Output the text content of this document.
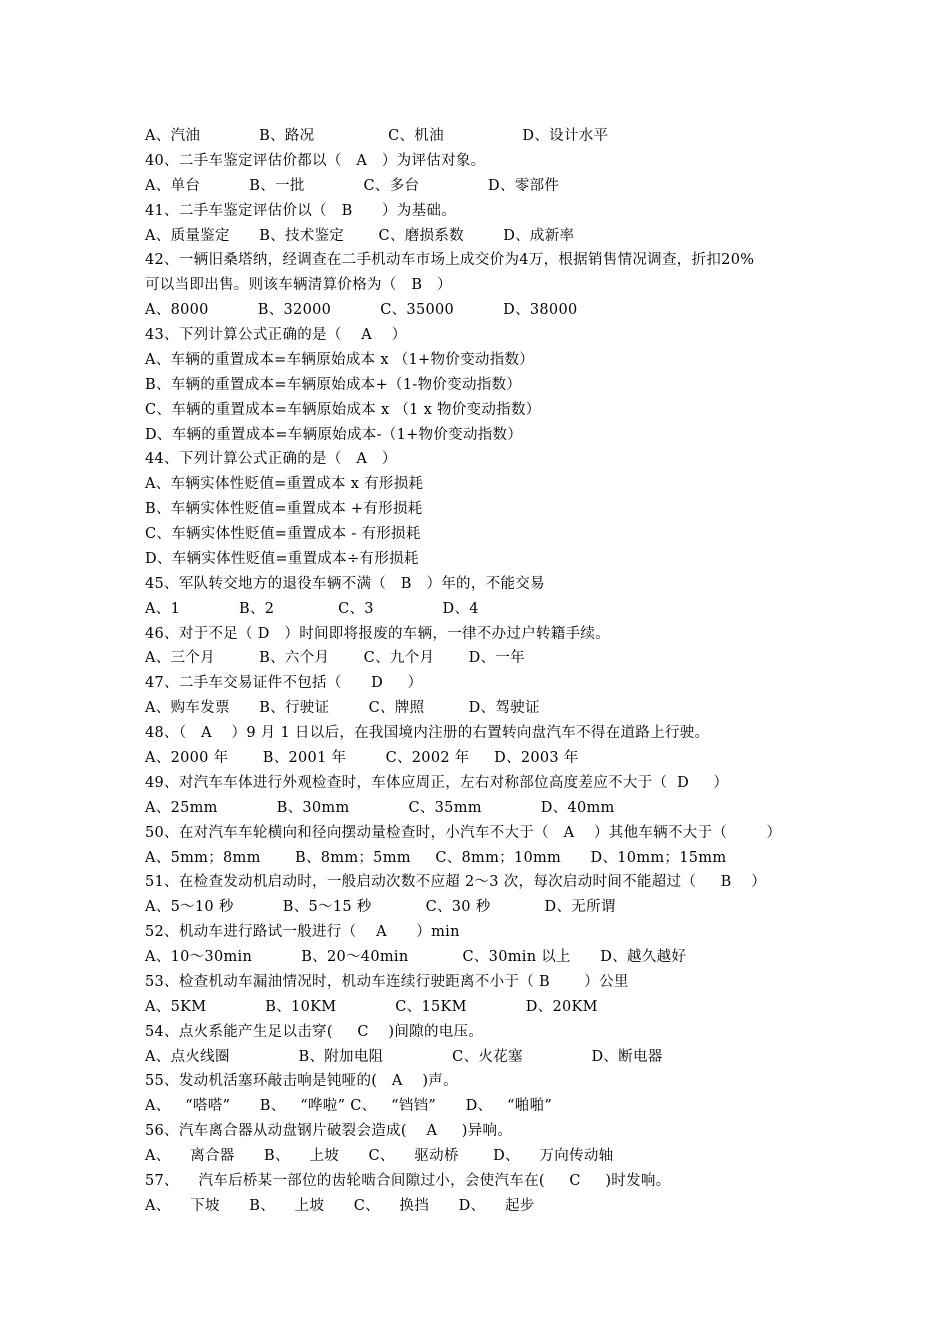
A、汽油            B、路况               C、机油                D、设计水平
40、二手车鉴定评估价都以（   A   ）为评估对象。
A、单台          B、一批            C、多台              D、零部件
41、二手车鉴定评估价以（   B      ）为基础。
A、质量鉴定      B、技术鉴定       C、磨损系数        D、成新率
42、一辆旧桑塔纳，经调查在二手机动车市场上成交价为4万，根据销售情况调查，折扣20%
可以当即出售。则该车辆清算价格为（   B   ）
A、8000          B、32000          C、35000          D、38000
43、下列计算公式正确的是（    A    ）
A、车辆的重置成本=车辆原始成本 x （1+物价变动指数）
B、车辆的重置成本=车辆原始成本+（1-物价变动指数）
C、车辆的重置成本=车辆原始成本 x （1 x 物价变动指数）
D、车辆的重置成本=车辆原始成本-（1+物价变动指数）
44、下列计算公式正确的是（   A   ）
A、车辆实体性贬值=重置成本 x 有形损耗
B、车辆实体性贬值=重置成本 +有形损耗
C、车辆实体性贬值=重置成本 - 有形损耗
D、车辆实体性贬值=重置成本÷有形损耗
45、军队转交地方的退役车辆不满（   B   ）年的，不能交易
A、1            B、2             C、3              D、4
46、对于不足（ D   ）时间即将报废的车辆，一律不办过户转籍手续。
A、三个月         B、六个月       C、九个月       D、一年
47、二手车交易证件不包括（      D     ）
A、购车发票      B、行驶证        C、牌照         D、驾驶证
48、（   A    ）9 月 1 日以后，在我国境内注册的右置转向盘汽车不得在道路上行驶。
A、2000 年       B、2001 年        C、2002 年     D、2003 年
49、对汽车车体进行外观检查时，车体应周正，左右对称部位高度差应不大于（  D     ）
A、25mm            B、30mm            C、35mm            D、40mm
50、在对汽车车轮横向和径向摆动量检查时，小汽车不大于（   A    ）其他车辆不大于（        ）
A、5mm；8mm       B、8mm；5mm     C、8mm；10mm      D、10mm；15mm
51、在检查发动机启动时，一般启动次数不应超 2～3 次，每次启动时间不能超过（     B    ）
A、5～10 秒          B、5～15 秒           C、30 秒           D、无所谓
52、机动车进行路试一般进行（    A      ）min
A、10～30min          B、20～40min           C、30min 以上      D、越久越好
53、检查机动车漏油情况时，机动车连续行驶距离不小于（ B       ）公里
A、5KM            B、10KM            C、15KM            D、20KM
54、点火系能产生足以击穿(     C    )间隙的电压。
A、点火线圈              B、附加电阻              C、火花塞              D、断电器
55、发动机活塞环敲击响是钝哑的(   A    )声。
A、   “嗒嗒”      B、   “哗啦” C、   “铛铛”      D、   “啪啪”
56、汽车离合器从动盘钢片破裂会造成(    A     )异响。
A、    离合器      B、    上坡      C、    驱动桥       D、    万向传动轴
57、    汽车后桥某一部位的齿轮啮合间隙过小，会使汽车在(     C     )时发响。
A、    下坡      B、    上坡      C、    换挡      D、    起步
